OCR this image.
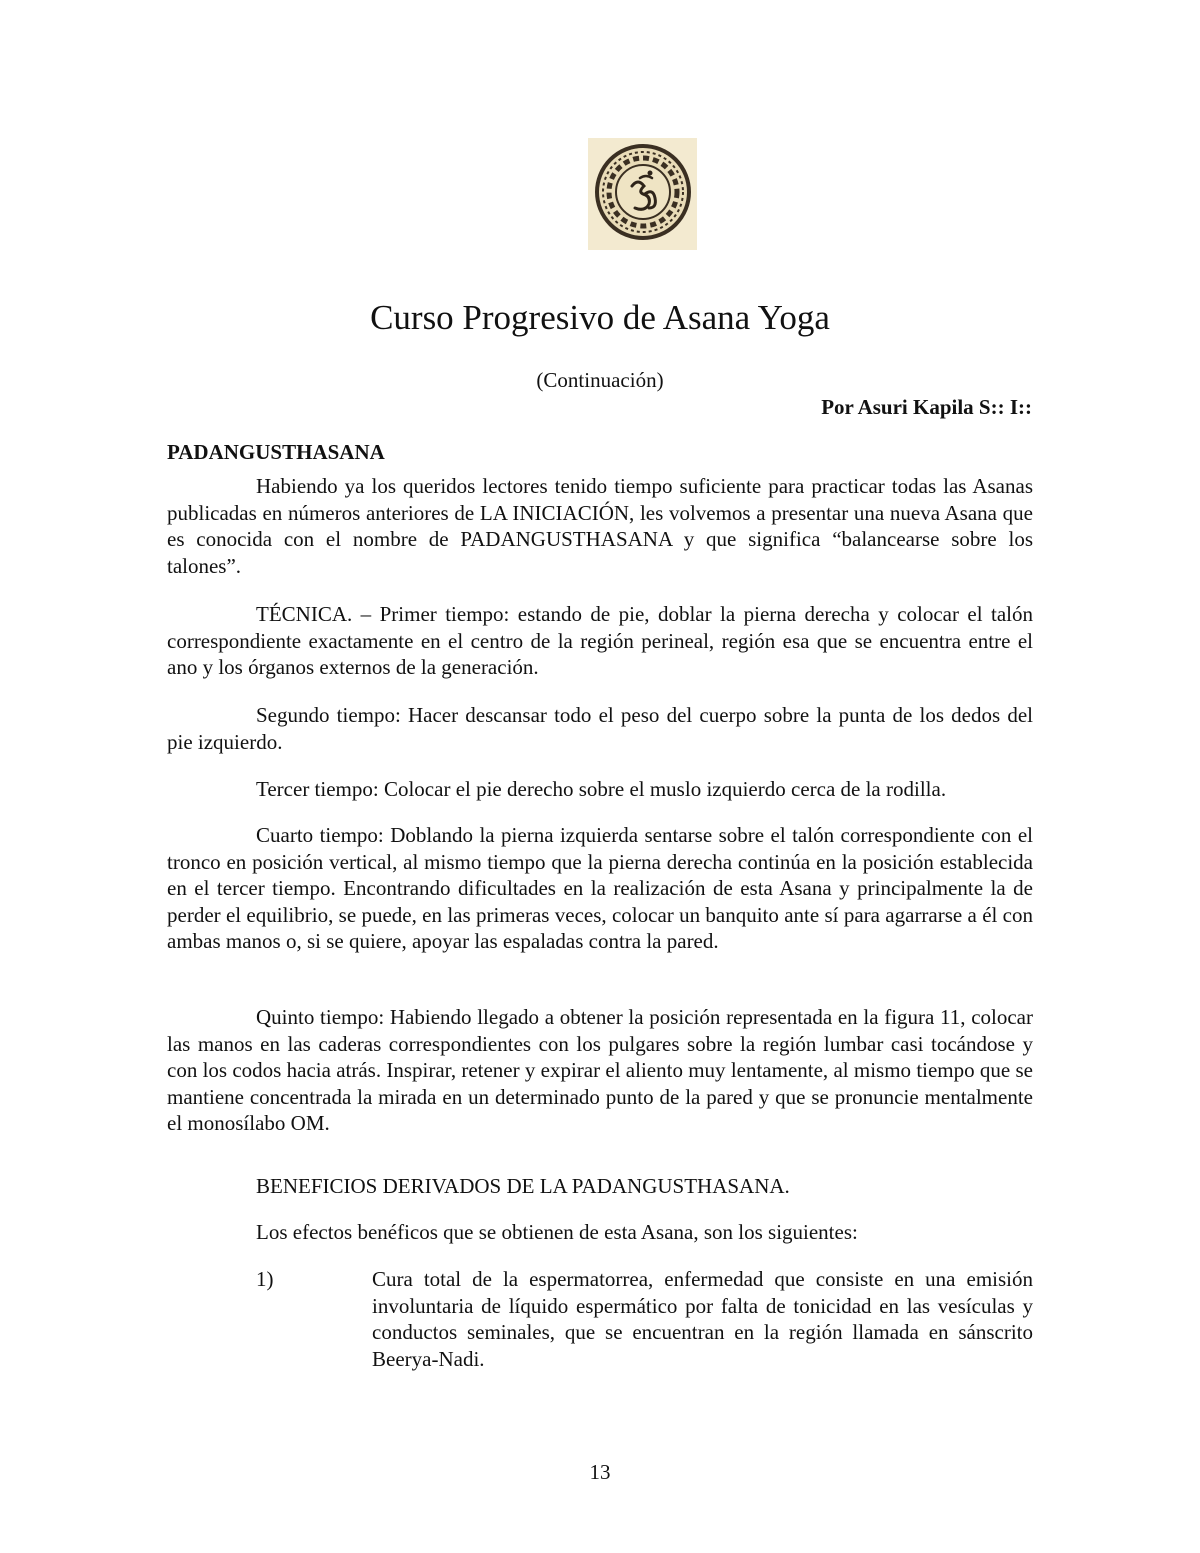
Curso Progresivo de Asana Yoga
(Continuación)
Por Asuri Kapila S:: I::
PADANGUSTHASANA

Habiendo ya los queridos lectores tenido tiempo suficiente para practicar todas las Asanas publicadas en números anteriores de LA INICIACIÓN, les volvemos a presentar una nueva Asana que es conocida con el nombre de PADANGUSTHASANA y que significa “balancearse sobre los talones”.

TÉCNICA. – Primer tiempo: estando de pie, doblar la pierna derecha y colocar el talón correspondiente exactamente en el centro de la región perineal, región esa que se encuentra entre el ano y los órganos externos de la generación.

Segundo tiempo: Hacer descansar todo el peso del cuerpo sobre la punta de los dedos del pie izquierdo.

Tercer tiempo: Colocar el pie derecho sobre el muslo izquierdo cerca de la rodilla.

Cuarto tiempo: Doblando la pierna izquierda sentarse sobre el talón correspondiente con el tronco en posición vertical, al mismo tiempo que la pierna derecha continúa en la posición establecida en el tercer tiempo. Encontrando dificultades en la realización de esta Asana y principalmente la de perder el equilibrio, se puede, en las primeras veces, colocar un banquito ante sí para agarrarse a él con ambas manos o, si se quiere, apoyar las espaladas contra la pared.

Quinto tiempo: Habiendo llegado a obtener la posición representada en la figura 11, colocar las manos en las caderas correspondientes con los pulgares sobre la región lumbar casi tocándose y con los codos hacia atrás. Inspirar, retener y expirar el aliento muy lentamente, al mismo tiempo que se mantiene concentrada la mirada en un determinado punto de la pared y que se pronuncie mentalmente el monosílabo OM.

BENEFICIOS DERIVADOS DE LA PADANGUSTHASANA.
Los efectos benéficos que se obtienen de esta Asana, son los siguientes:
1)	Cura total de la espermatorrea, enfermedad que consiste en una emisión involuntaria de líquido espermático por falta de tonicidad en las vesículas y conductos seminales, que se encuentran en la región llamada en sánscrito Beerya-Nadi.
13
